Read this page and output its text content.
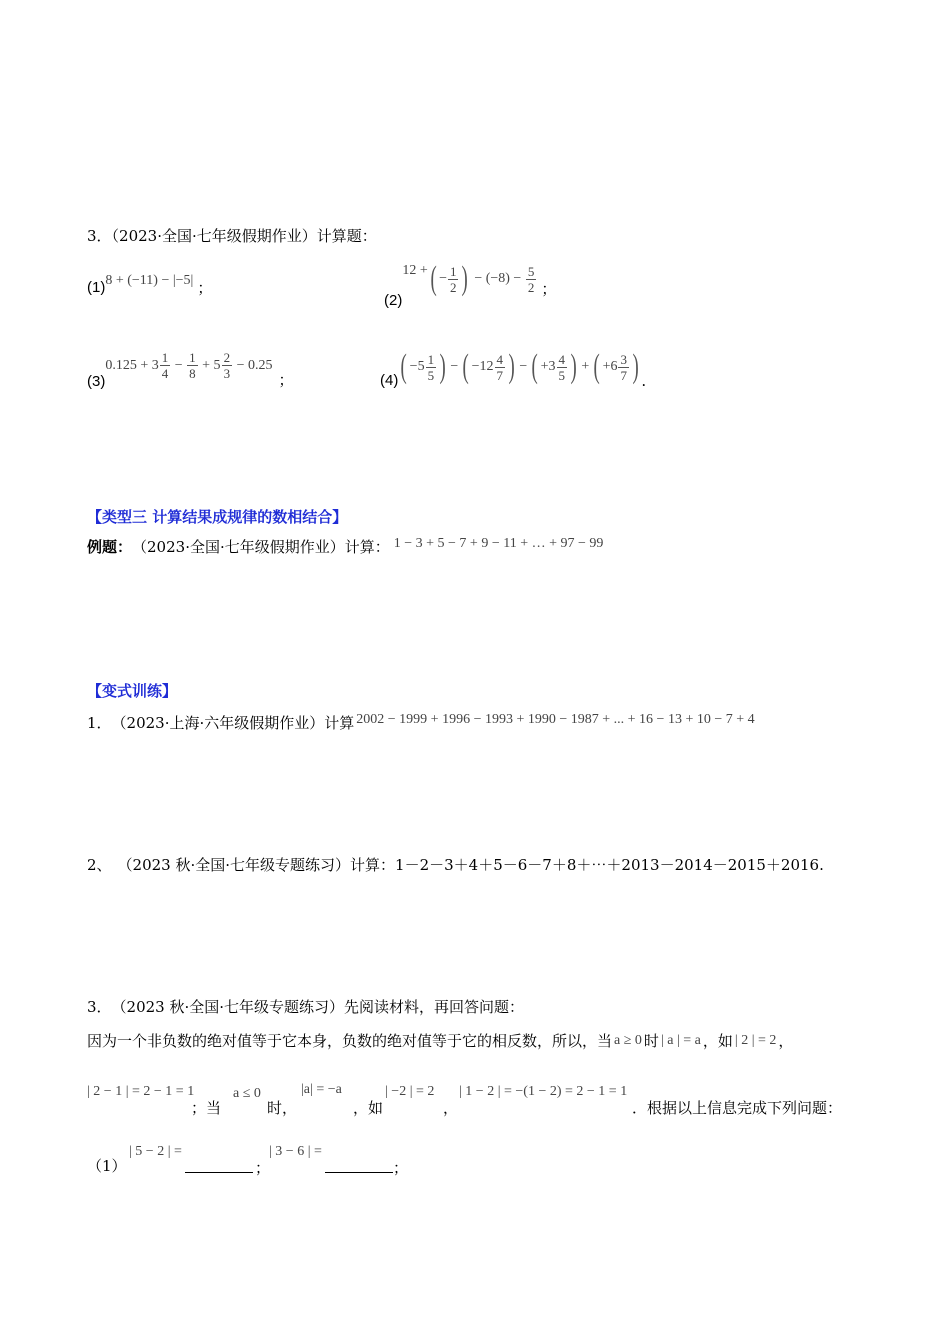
3．（2023·全国·七年级假期作业）计算题：
(1) 8 + (−11) − |−5| ；
(2)
12 + ( − $\frac{1}{2}$ ) − $(-8) - \frac{5}{2}$ ；
(3)
$0.125 + 3 \frac{1}{4} - \frac{1}{8} + 5 \frac{2}{3} - 0.25$
；	(4) ( $-5 \frac{1}{5}$ ) − ( $-12 \frac{4}{7}$ ) − ( $+3 \frac{4}{5}$ ) + ( $+6 \frac{3}{7}$ ) .
【类型三 计算结果成规律的数相结合】
例题： （2023·全国·七年级假期作业）计算： 1 − 3 + 5 − 7 + 9 − 11 + … + 97 − 99
【变式训练】
1． （2023·上海·六年级假期作业） 计算 2002 − 1999 + 1996 − 1993 + 1990 − 1987 + ... + 16 − 13 + 10 − 7 + 4
2、 （2023 秋·全国·七年级专题练习） 计算： 1－2－3＋4＋5－6－7＋8＋⋯＋2013－2014－2015＋2016.
3． （2023 秋·全国·七年级专题练习） 先阅读材料，再回答问题：
因为一个非负数的绝对值等于它本身，负数的绝对值等于它的相反数，所以，当 a ≥ 0 时 | a | = a ，如 | 2 | = 2 ，
| 2 − 1 | = 2 − 1 = 1
；当
a ≤ 0
时，
|a| = −a
，如
| −2 | = 2
，
| 1 − 2 | = −(1 − 2) = 2 − 1 = 1
．根据以上信息完成下列问题：
（1）
| 5 − 2 | =
；
| 3 − 6 | =
；
